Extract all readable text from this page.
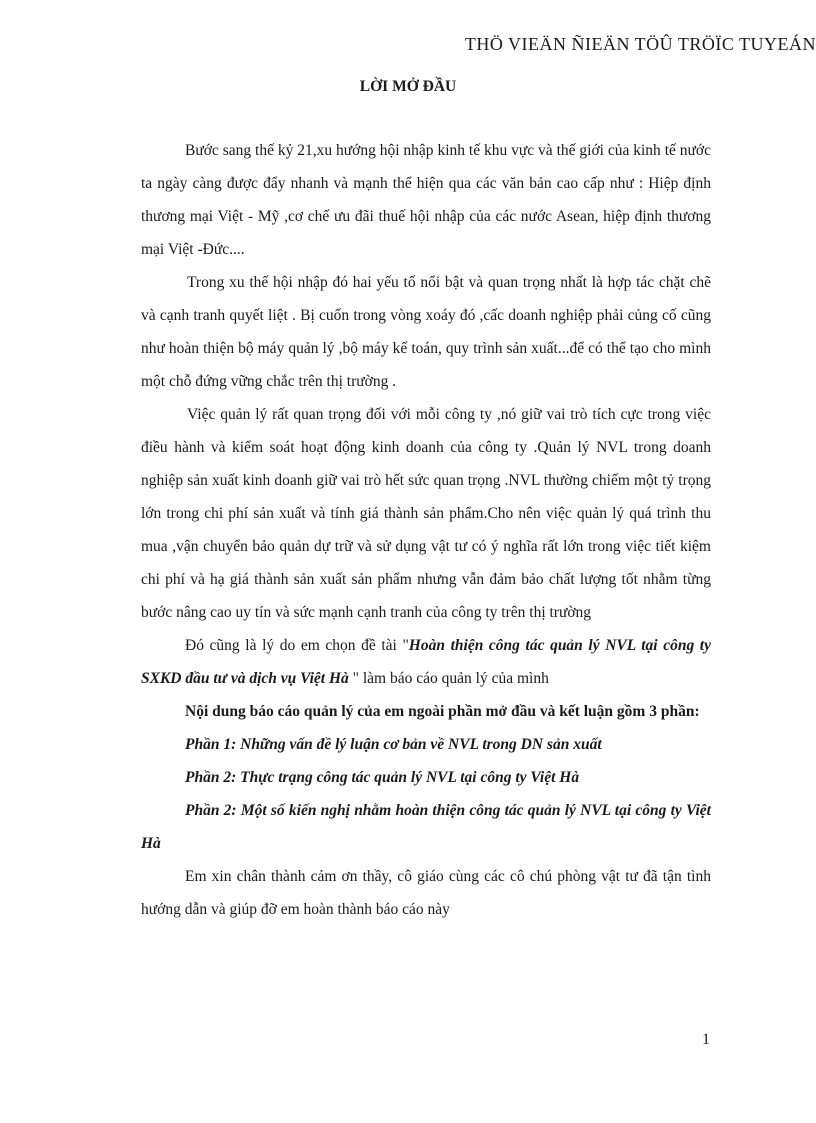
THÖ VIEÄN ÑIEÄN TÖÛ TRÖÏC TUYEÁN
LỜI MỞ ĐẦU

Bước sang thế kỷ 21,xu hướng hội nhập kinh tế khu vực và thế giới của kinh tế nước ta ngày càng được đẩy nhanh và mạnh thể hiện qua các văn bản cao cấp như : Hiệp định thương mại Việt - Mỹ ,cơ chế ưu đãi thuế hội nhập của các nước Asean, hiệp định thương mại Việt -Đức....

Trong xu thế hội nhập đó hai yếu tố nổi bật và quan trọng nhất là hợp tác chặt chẽ và cạnh tranh quyết liệt . Bị cuốn trong vòng xoáy đó ,cấc doanh nghiệp phải củng cố cũng như hoàn thiện bộ máy quản lý ,bộ máy kế toán, quy trình sản xuất...để có thể tạo cho mình một chỗ đứng vững chắc trên thị trường .

Việc quản lý rất quan trọng đối với mỗi công ty ,nó giữ vai trò tích cực trong việc điều hành và kiểm soát hoạt động kinh doanh của công ty .Quản lý NVL trong doanh nghiệp sản xuất kinh doanh giữ vai trò hết sức quan trọng .NVL thường chiếm một tỷ trọng lớn trong chi phí sản xuất và tính giá thành sản phẩm.Cho nên việc quản lý quá trình thu mua ,vận chuyển bảo quản dự trữ và sử dụng vật tư có ý nghĩa rất lớn trong việc tiết kiệm chi phí và hạ giá thành sản xuất sản phẩm nhưng vẫn đảm bảo chất lượng tốt nhằm từng bước nâng cao uy tín và sức mạnh cạnh tranh của công ty trên thị trường

Đó cũng là lý do em chọn đề tài "Hoàn thiện công tác quản lý NVL tại công ty SXKD đầu tư và dịch vụ Việt Hà " làm báo cáo quản lý của mình

Nội dung báo cáo quản lý của em ngoài phần mở đầu và kết luận gồm 3 phần:

Phần 1: Những vấn đề lý luận cơ bản về NVL trong DN sản xuất

Phần 2: Thực trạng công tác quản lý NVL tại công ty Việt Hà

Phần 2: Một số kiến nghị nhằm hoàn thiện công tác quản lý NVL tại công ty Việt Hà

Em xin chân thành cảm ơn thầy, cô giáo cùng các cô chú phòng vật tư đã tận tình hướng dẫn và giúp đỡ em hoàn thành báo cáo này

1
